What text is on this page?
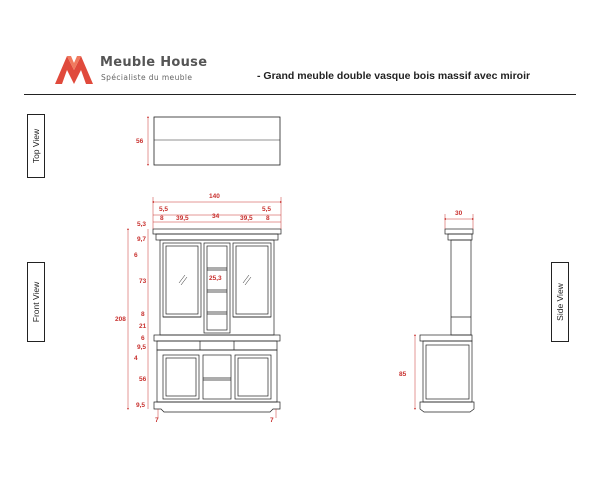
Meuble House
Spécialiste du meuble	- Grand meuble double vasque bois massif avec miroir
Top View
Front View	Side View
56
140
5,5	5,5
8 39,5	34	39,5 8
5,3
9,7
6
73	25,3
208
8
21
6
9,5
4
56
9,5
7	7
30
85
